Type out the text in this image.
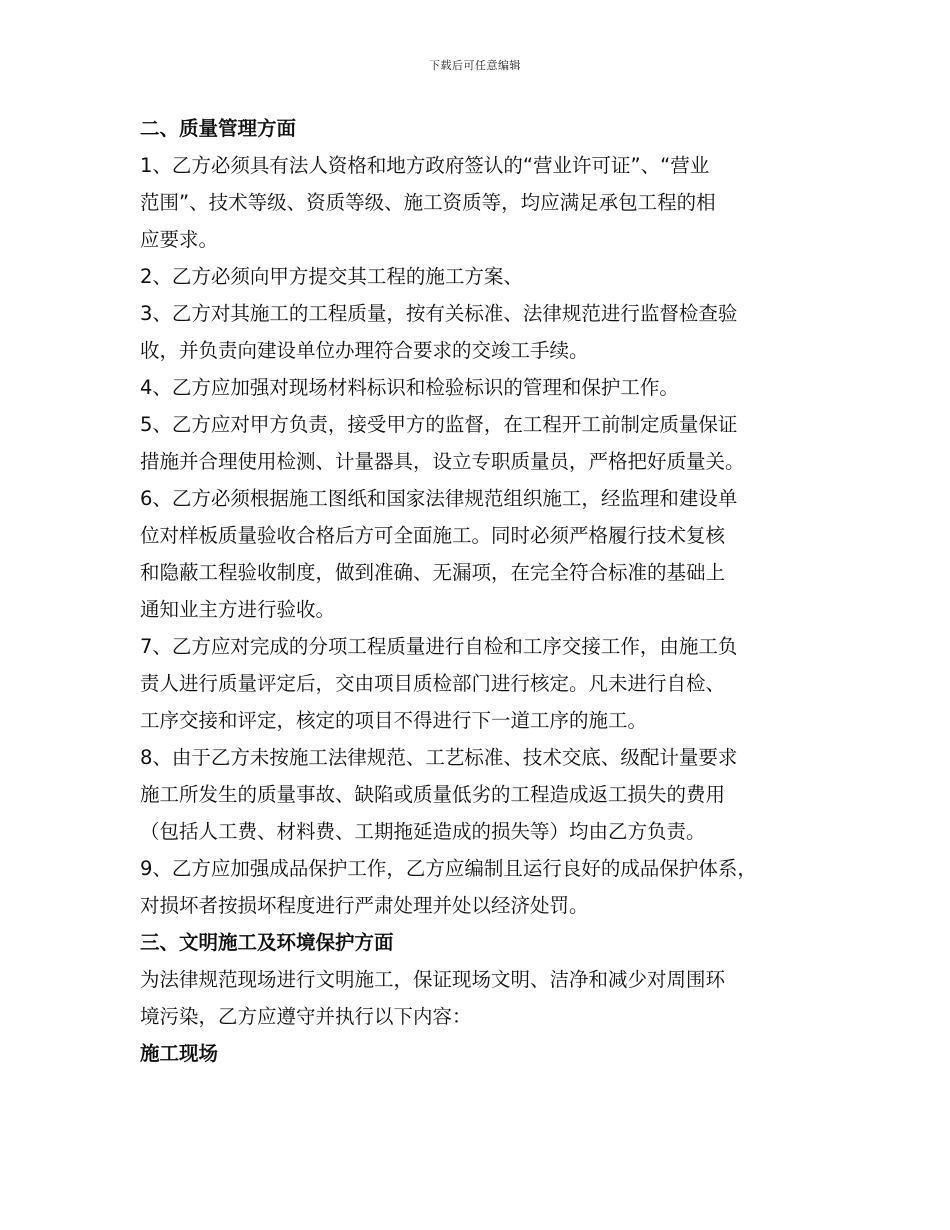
下载后可任意编辑
二、质量管理方面
1、乙方必须具有法人资格和地方政府签认的“营业许可证”、“营业
范围”、技术等级、资质等级、施工资质等，均应满足承包工程的相
应要求。
2、乙方必须向甲方提交其工程的施工方案、
3、乙方对其施工的工程质量，按有关标准、法律规范进行监督检查验
收，并负责向建设单位办理符合要求的交竣工手续。
4、乙方应加强对现场材料标识和检验标识的管理和保护工作。
5、乙方应对甲方负责，接受甲方的监督，在工程开工前制定质量保证
措施并合理使用检测、计量器具，设立专职质量员，严格把好质量关。
6、乙方必须根据施工图纸和国家法律规范组织施工，经监理和建设单
位对样板质量验收合格后方可全面施工。同时必须严格履行技术复核
和隐蔽工程验收制度，做到准确、无漏项，在完全符合标准的基础上
通知业主方进行验收。
7、乙方应对完成的分项工程质量进行自检和工序交接工作，由施工负
责人进行质量评定后，交由项目质检部门进行核定。凡未进行自检、
工序交接和评定，核定的项目不得进行下一道工序的施工。
8、由于乙方未按施工法律规范、工艺标准、技术交底、级配计量要求
施工所发生的质量事故、缺陷或质量低劣的工程造成返工损失的费用
（包括人工费、材料费、工期拖延造成的损失等）均由乙方负责。
9、乙方应加强成品保护工作，乙方应编制且运行良好的成品保护体系，
对损坏者按损坏程度进行严肃处理并处以经济处罚。
三、文明施工及环境保护方面
为法律规范现场进行文明施工，保证现场文明、洁净和减少对周围环
境污染，乙方应遵守并执行以下内容：
施工现场
